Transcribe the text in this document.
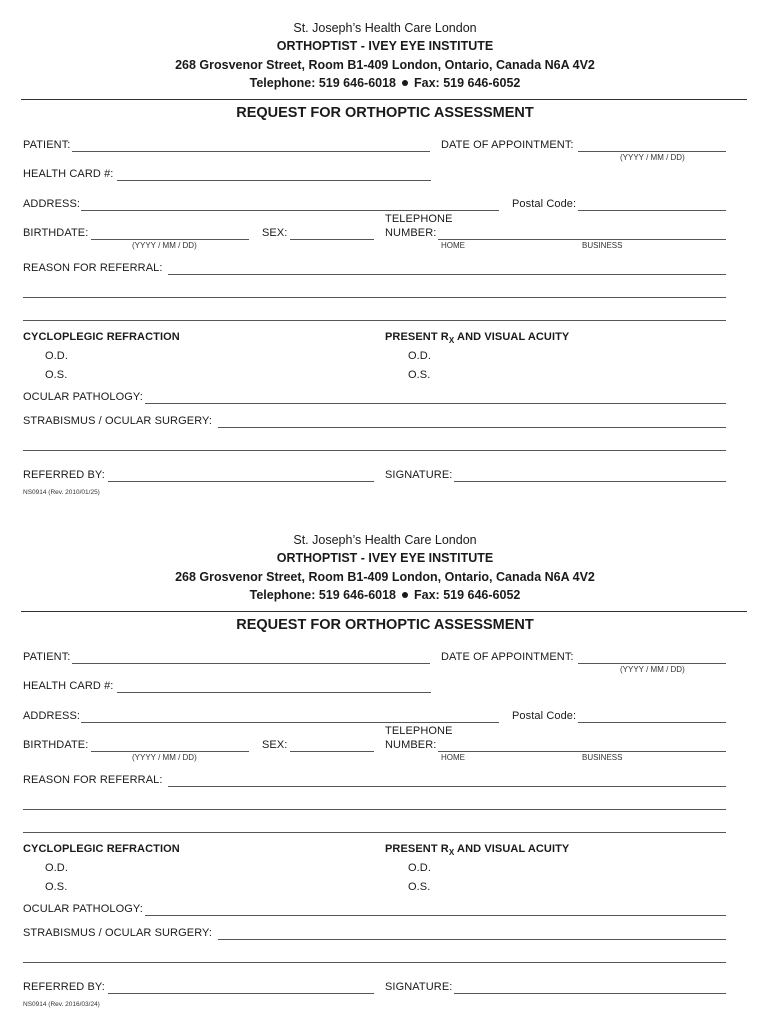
St. Joseph’s Health Care London
ORTHOPTIST - IVEY EYE INSTITUTE
268 Grosvenor Street, Room B1-409 London, Ontario, Canada N6A 4V2
Telephone: 519 646-6018 Fax: 519 646-6052
REQUEST FOR ORTHOPTIC ASSESSMENT
PATIENT:	DATE OF APPOINTMENT:
(YYYY / MM / DD)
HEALTH CARD #:
ADDRESS:	Postal Code:
BIRTHDATE:
(YYYY / MM / DD)
SEX:
TELEPHONE
NUMBER:
HOME	BUSINESS
REASON FOR REFERRAL:
CYCLOPLEGIC REFRACTION	PRESENT $R_X$ AND VISUAL ACUITY
O.D.	O.D.
O.S.	O.S.
OCULAR PATHOLOGY:
STRABISMUS / OCULAR SURGERY:
REFERRED BY:	SIGNATURE:
NS0914 (Rev. 2010/01/25)
St. Joseph’s Health Care London
ORTHOPTIST - IVEY EYE INSTITUTE
268 Grosvenor Street, Room B1-409 London, Ontario, Canada N6A 4V2
Telephone: 519 646-6018 Fax: 519 646-6052
REQUEST FOR ORTHOPTIC ASSESSMENT
PATIENT:	DATE OF APPOINTMENT:
(YYYY / MM / DD)
HEALTH CARD #:
ADDRESS:	Postal Code:
BIRTHDATE:
(YYYY / MM / DD)
SEX:
TELEPHONE
NUMBER:
HOME	BUSINESS
REASON FOR REFERRAL:
CYCLOPLEGIC REFRACTION	PRESENT $R_X$ AND VISUAL ACUITY
O.D.	O.D.
O.S.	O.S.
OCULAR PATHOLOGY:
STRABISMUS / OCULAR SURGERY:
REFERRED BY:	SIGNATURE:
NS0914 (Rev. 2016/03/24)
